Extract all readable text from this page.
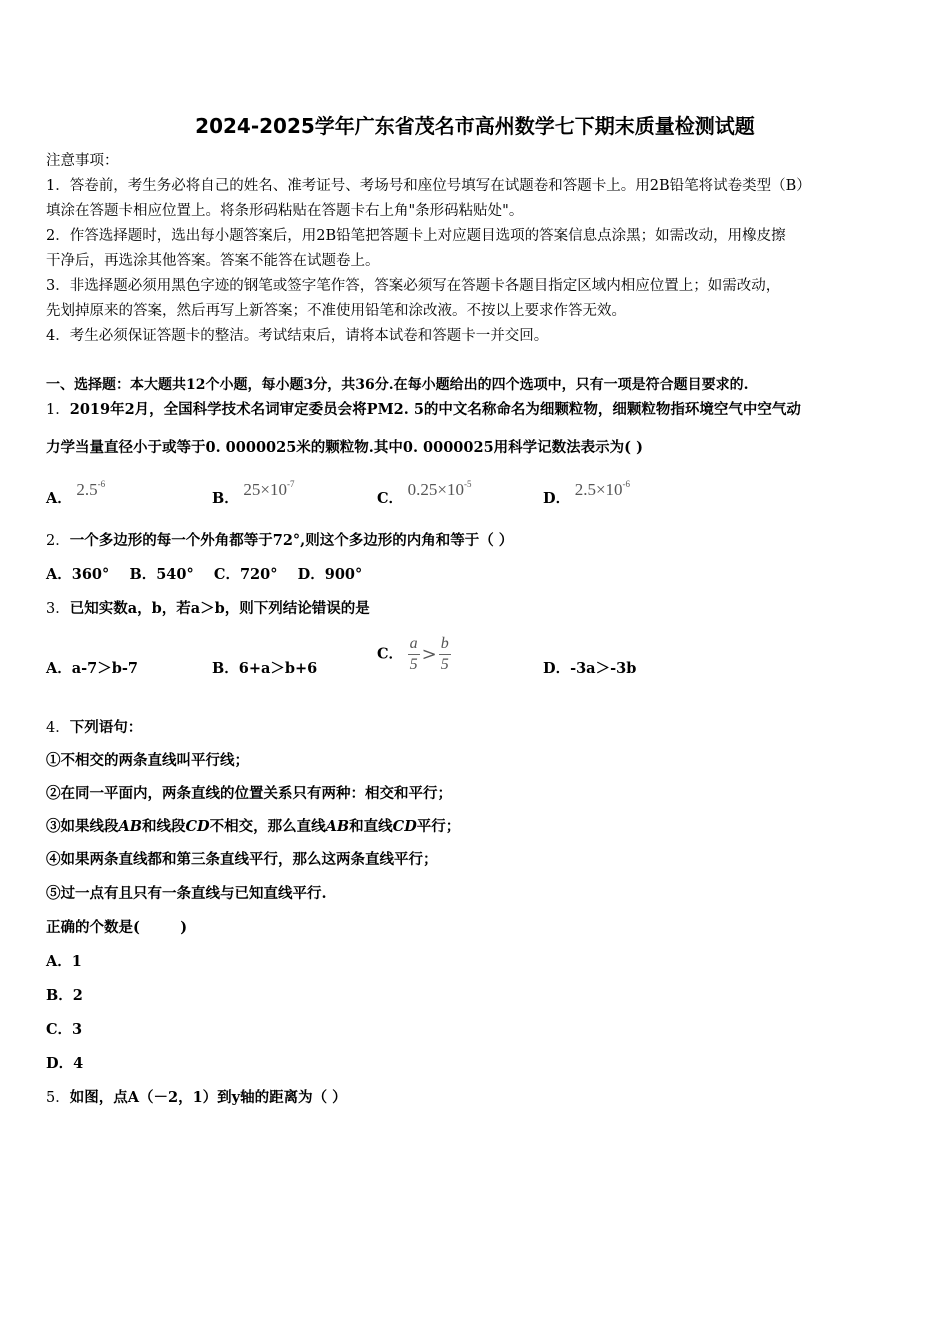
2024-2025学年广东省茂名市高州数学七下期末质量检测试题
注意事项：
1．答卷前，考生务必将自己的姓名、准考证号、考场号和座位号填写在试题卷和答题卡上。用2B铅笔将试卷类型（B）
填涂在答题卡相应位置上。将条形码粘贴在答题卡右上角"条形码粘贴处"。
2．作答选择题时，选出每小题答案后，用2B铅笔把答题卡上对应题目选项的答案信息点涂黑；如需改动，用橡皮擦
干净后，再选涂其他答案。答案不能答在试题卷上。
3．非选择题必须用黑色字迹的钢笔或签字笔作答，答案必须写在答题卡各题目指定区域内相应位置上；如需改动，
先划掉原来的答案，然后再写上新答案；不准使用铅笔和涂改液。不按以上要求作答无效。
4．考生必须保证答题卡的整洁。考试结束后，请将本试卷和答题卡一并交回。
一、选择题：本大题共12个小题，每小题3分，共36分.在每小题给出的四个选项中，只有一项是符合题目要求的.
1．2019年2月，全国科学技术名词审定委员会将PM2. 5的中文名称命名为细颗粒物，细颗粒物指环境空气中空气动
力学当量直径小于或等于0. 0000025米的颗粒物.其中0. 0000025用科学记数法表示为( )
A． $2.5^{-6}$
B． $25\times 10^{-7}$
C． $0.25\times 10^{-5}$
D． $2.5\times 10^{-6}$
2．一个多边形的每一个外角都等于72°,则这个多边形的内角和等于（ ）
A．360°    B．540°    C．720°    D．900°
3．已知实数a，b，若a＞b，则下列结论错误的是
A．a-7＞b-7	B．6+a＞b+6
C． $\frac{a}{5} > \frac{b}{5}$	D．-3a＞-3b
4．下列语句：
①不相交的两条直线叫平行线；
②在同一平面内，两条直线的位置关系只有两种：相交和平行；
③如果线段AB和线段CD不相交，那么直线AB和直线CD平行；
④如果两条直线都和第三条直线平行，那么这两条直线平行；
⑤过一点有且只有一条直线与已知直线平行.
正确的个数是(        )
A．1
B．2
C．3
D．4
5．如图，点A（－2，1）到y轴的距离为（ ）
